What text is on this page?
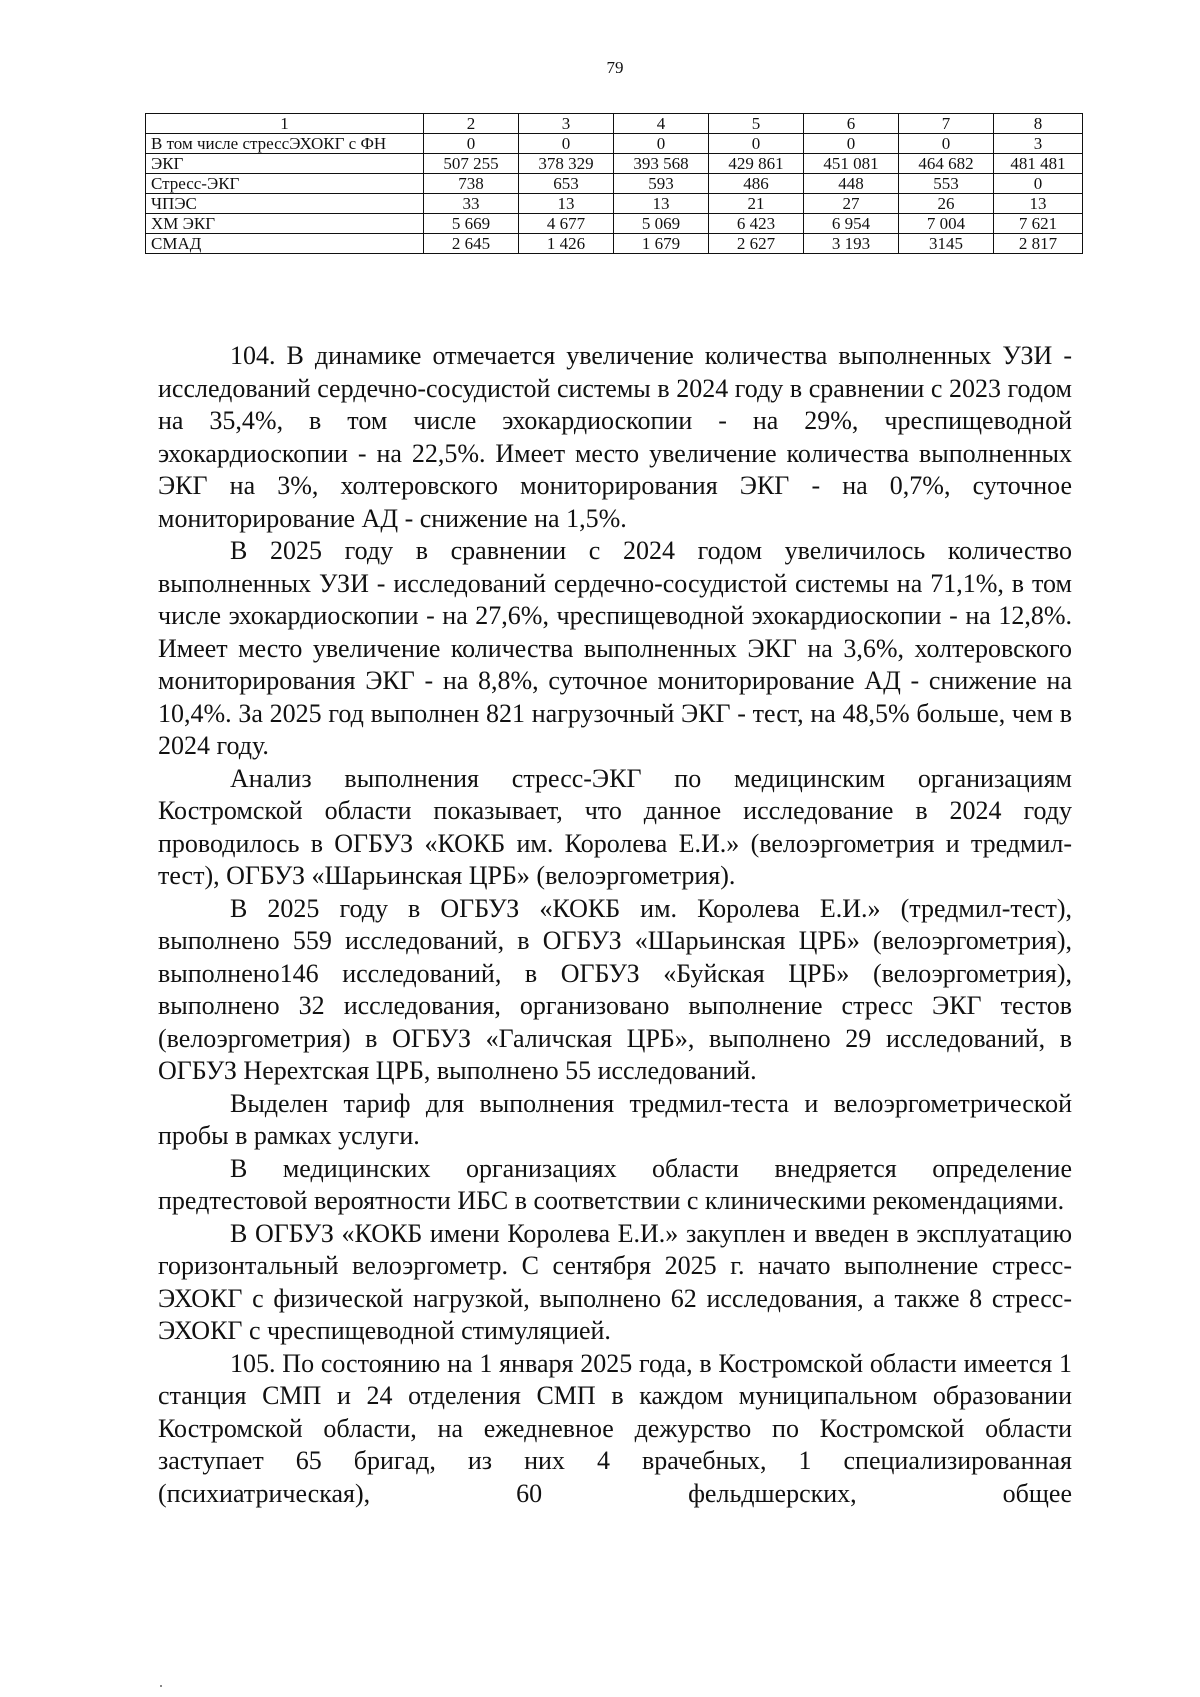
79
1	2	3	4	5	6	7	8
В том числе стрессЭХОКГ с ФН	0	0	0	0	0	0	3
ЭКГ	507 255	378 329	393 568	429 861	451 081	464 682	481 481
Стресс-ЭКГ	738	653	593	486	448	553	0
ЧПЭС	33	13	13	21	27	26	13
ХМ ЭКГ	5 669	4 677	5 069	6 423	6 954	7 004	7 621
СМАД	2 645	1 426	1 679	2 627	3 193	3145	2 817

104. В динамике отмечается увеличение количества выполненных УЗИ - исследований сердечно-сосудистой системы в 2024 году в сравнении с 2023 годом на 35,4%, в том числе эхокардиоскопии - на 29%, чреспищеводной эхокардиоскопии - на 22,5%. Имеет место увеличение количества выполненных ЭКГ на 3%, холтеровского мониторирования ЭКГ - на 0,7%, суточное мониторирование АД - снижение на 1,5%.

В 2025 году в сравнении с 2024 годом увеличилось количество выполненных УЗИ - исследований сердечно-сосудистой системы на 71,1%, в том числе эхокардиоскопии - на 27,6%, чреспищеводной эхокардиоскопии - на 12,8%. Имеет место увеличение количества выполненных ЭКГ на 3,6%, холтеровского мониторирования ЭКГ - на 8,8%, суточное мониторирование АД - снижение на 10,4%. За 2025 год выполнен 821 нагрузочный ЭКГ - тест, на 48,5% больше, чем в 2024 году.

Анализ выполнения стресс-ЭКГ по медицинским организациям Костромской области показывает, что данное исследование в 2024 году проводилось в ОГБУЗ «КОКБ им. Королева Е.И.» (велоэргометрия и тредмил-тест), ОГБУЗ «Шарьинская ЦРБ» (велоэргометрия).

В 2025 году в ОГБУЗ «КОКБ им. Королева Е.И.» (тредмил-тест), выполнено 559 исследований, в ОГБУЗ «Шарьинская ЦРБ» (велоэргометрия), выполнено146 исследований, в ОГБУЗ «Буйская ЦРБ» (велоэргометрия), выполнено 32 исследования, организовано выполнение стресс ЭКГ тестов (велоэргометрия) в ОГБУЗ «Галичская ЦРБ», выполнено 29 исследований, в ОГБУЗ Нерехтская ЦРБ, выполнено 55 исследований.

Выделен тариф для выполнения тредмил-теста и велоэргометрической пробы в рамках услуги.

В медицинских организациях области внедряется определение предтестовой вероятности ИБС в соответствии с клиническими рекомендациями.

В ОГБУЗ «КОКБ имени Королева Е.И.» закуплен и введен в эксплуатацию горизонтальный велоэргометр. С сентября 2025 г. начато выполнение стресс-ЭХОКГ с физической нагрузкой, выполнено 62 исследования, а также 8 стресс-ЭХОКГ с чреспищеводной стимуляцией.

105. По состоянию на 1 января 2025 года, в Костромской области имеется 1 станция СМП и 24 отделения СМП в каждом муниципальном образовании Костромской области, на ежедневное дежурство по Костромской области заступает 65 бригад, из них 4 врачебных, 1 специализированная (психиатрическая), 60 фельдшерских, общее
